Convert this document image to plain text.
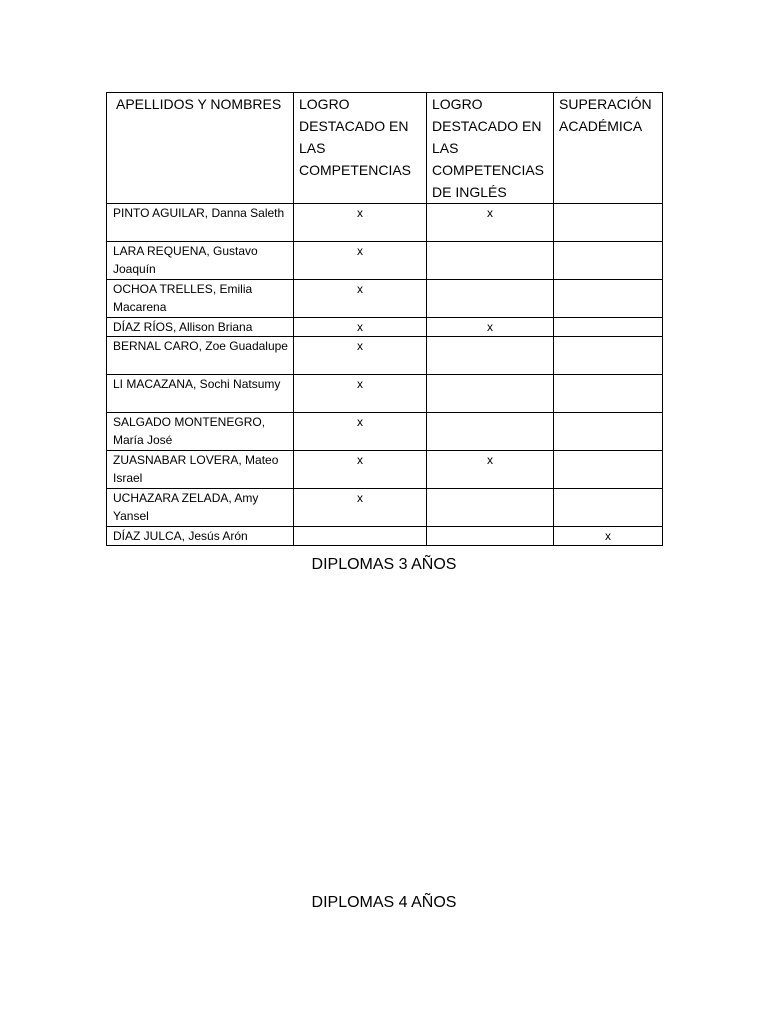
APELLIDOS Y NOMBRES	LOGRO DESTACADO EN LAS COMPETENCIAS	LOGRO DESTACADO EN LAS COMPETENCIAS DE INGLÉS	SUPERACIÓN ACADÉMICA

PINTO AGUILAR, Danna Saleth	x	x	

LARA REQUENA, Gustavo Joaquín	x		

OCHOA TRELLES, Emilia Macarena	x		

DÍAZ RÍOS, Allison Briana	x	x	

BERNAL CARO, Zoe Guadalupe	x		

LI MACAZANA, Sochi Natsumy	x		

SALGADO MONTENEGRO, María José	x		

ZUASNABAR LOVERA, Mateo Israel	x	x	

UCHAZARA ZELADA, Amy Yansel	x		

DÍAZ JULCA, Jesús Arón			x
DIPLOMAS 3 AÑOS
DIPLOMAS 4 AÑOS
